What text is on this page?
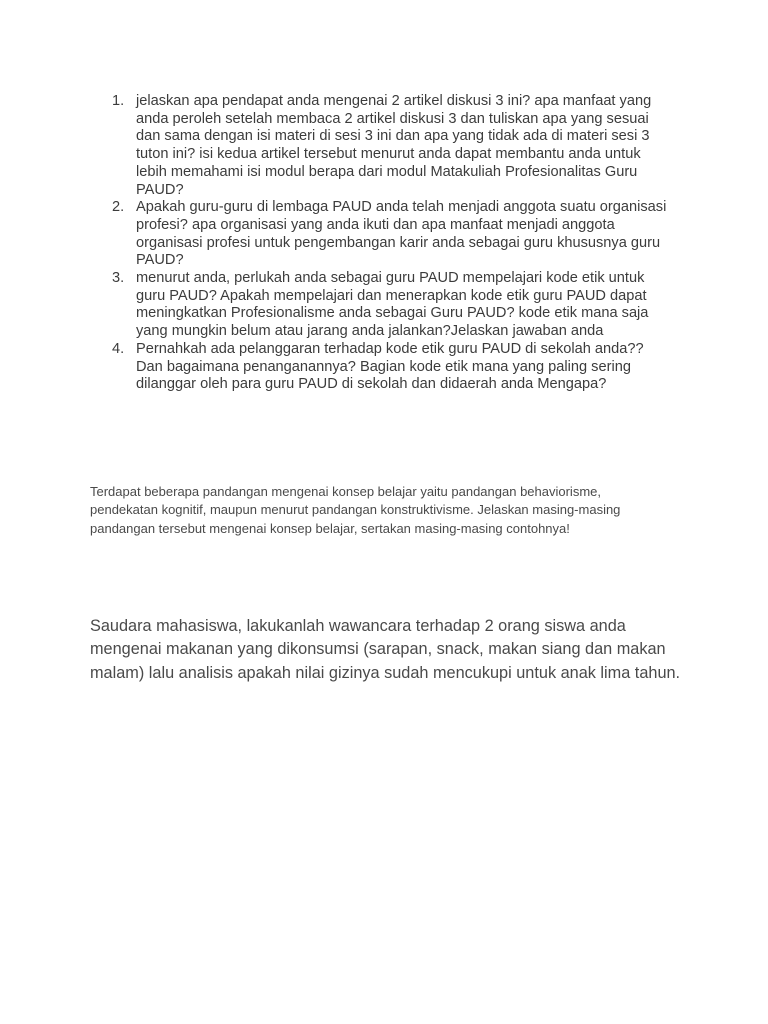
1. jelaskan apa pendapat anda mengenai 2 artikel diskusi 3 ini? apa manfaat yang anda peroleh setelah membaca 2 artikel diskusi 3 dan tuliskan apa yang sesuai dan sama dengan isi materi di sesi 3 ini dan apa yang tidak ada di materi sesi 3 tuton ini? isi kedua artikel tersebut menurut anda dapat membantu anda untuk lebih memahami isi modul berapa dari modul Matakuliah Profesionalitas Guru PAUD?
2. Apakah guru-guru di lembaga PAUD anda telah menjadi anggota suatu organisasi profesi? apa organisasi yang anda ikuti dan apa manfaat menjadi anggota organisasi profesi untuk pengembangan karir anda sebagai guru khususnya guru PAUD?
3. menurut anda, perlukah anda sebagai guru PAUD mempelajari kode etik untuk guru PAUD? Apakah mempelajari dan menerapkan kode etik guru PAUD dapat meningkatkan Profesionalisme anda sebagai Guru PAUD? kode etik mana saja yang mungkin belum atau jarang anda jalankan?Jelaskan jawaban anda
4. Pernahkah ada pelanggaran terhadap kode etik guru PAUD di sekolah anda?? Dan bagaimana penanganannya? Bagian kode etik mana yang paling sering dilanggar oleh para guru PAUD di sekolah dan didaerah anda Mengapa?

Terdapat beberapa pandangan mengenai konsep belajar yaitu pandangan behaviorisme, pendekatan kognitif, maupun menurut pandangan konstruktivisme. Jelaskan masing-masing pandangan tersebut mengenai konsep belajar, sertakan masing-masing contohnya!

Saudara mahasiswa, lakukanlah wawancara terhadap 2 orang siswa anda mengenai makanan yang dikonsumsi (sarapan, snack, makan siang dan makan malam) lalu analisis apakah nilai gizinya sudah mencukupi untuk anak lima tahun.
